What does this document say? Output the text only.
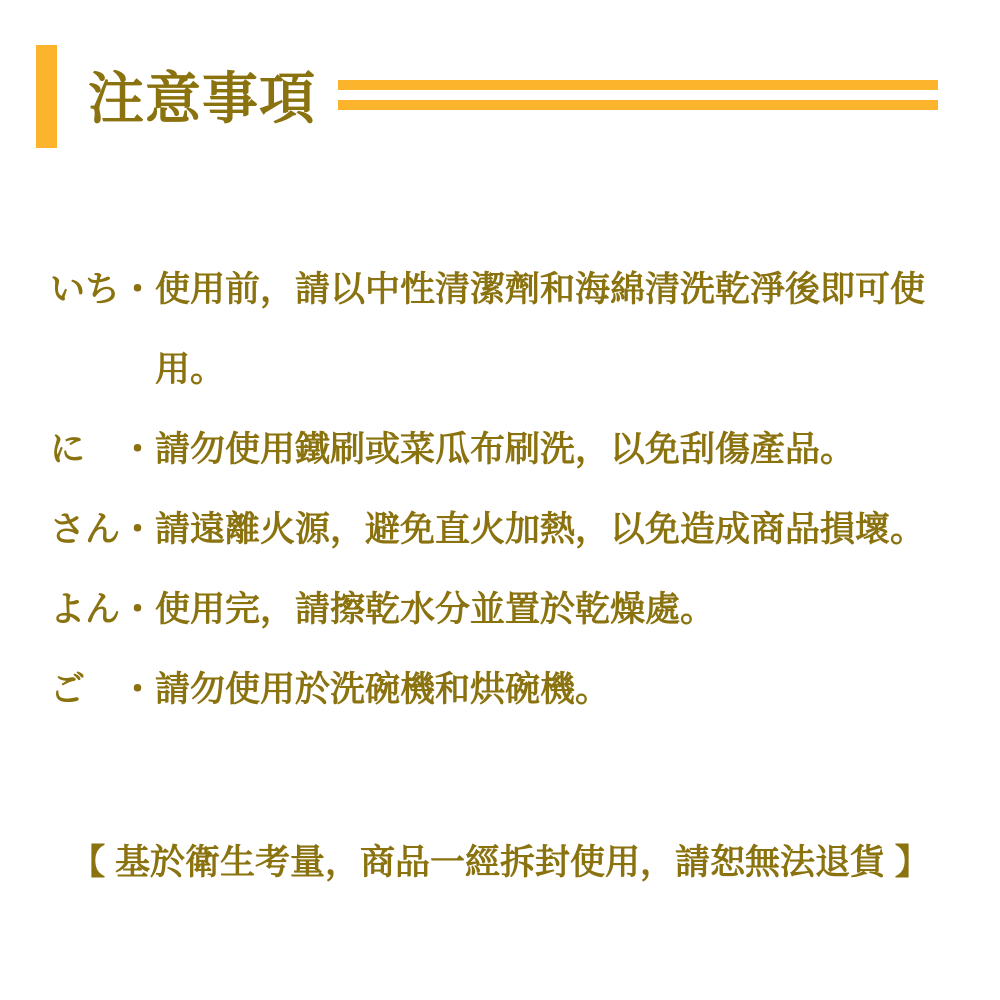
注意事項
いち ・ 使用前，請以中性清潔劑和海綿清洗乾淨後即可使用。
に ・ 請勿使用鐵刷或菜瓜布刷洗，以免刮傷產品。
さん ・ 請遠離火源，避免直火加熱，以免造成商品損壞。
よん ・ 使用完，請擦乾水分並置於乾燥處。
ご ・ 請勿使用於洗碗機和烘碗機。
【 基於衛生考量，商品一經拆封使用，請恕無法退貨 】
